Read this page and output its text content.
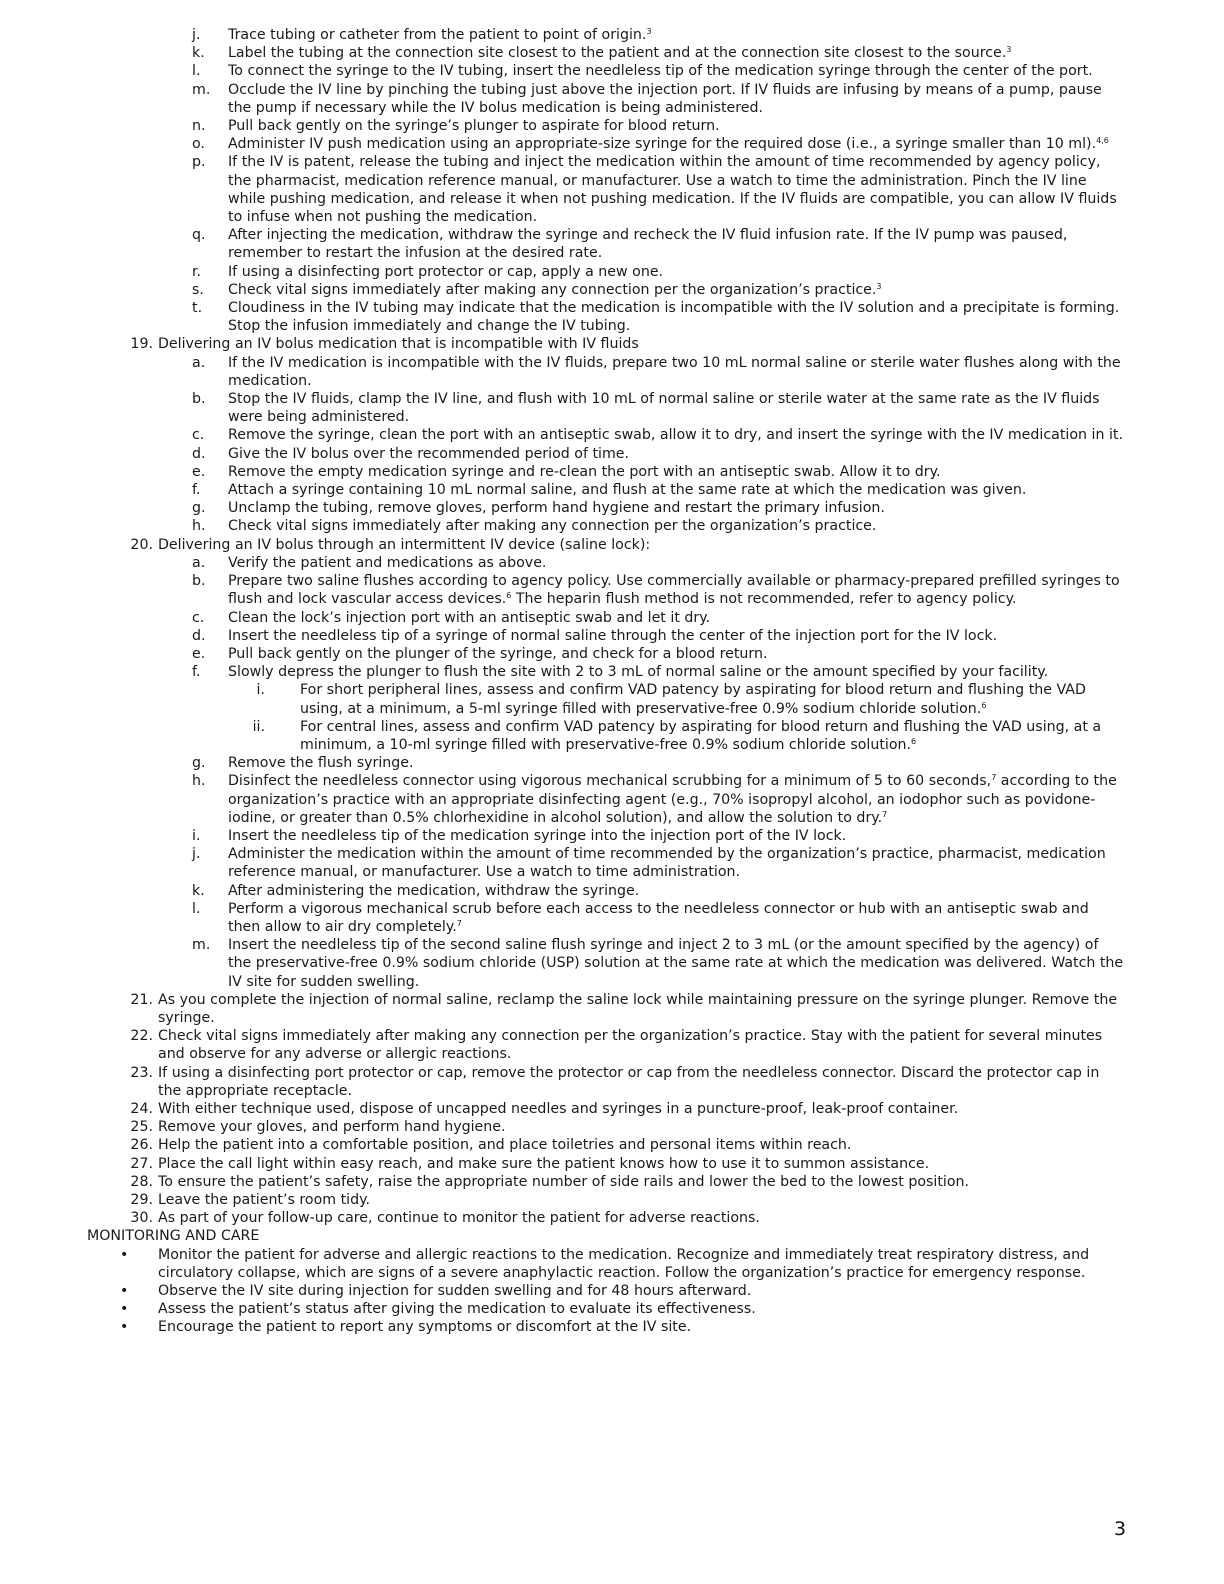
j.	Trace tubing or catheter from the patient to point of origin.$^3$
k.	Label the tubing at the connection site closest to the patient and at the connection site closest to the source.$^3$
l.	To connect the syringe to the IV tubing, insert the needleless tip of the medication syringe through the center of the port.
m.	Occlude the IV line by pinching the tubing just above the injection port. If IV fluids are infusing by means of a pump, pause the pump if necessary while the IV bolus medication is being administered.
n.	Pull back gently on the syringe’s plunger to aspirate for blood return.
o.	Administer IV push medication using an appropriate-size syringe for the required dose (i.e., a syringe smaller than 10 ml).$^{4,6}$
p.	If the IV is patent, release the tubing and inject the medication within the amount of time recommended by agency policy, the pharmacist, medication reference manual, or manufacturer. Use a watch to time the administration. Pinch the IV line while pushing medication, and release it when not pushing medication. If the IV fluids are compatible, you can allow IV fluids to infuse when not pushing the medication.
q.	After injecting the medication, withdraw the syringe and recheck the IV fluid infusion rate. If the IV pump was paused, remember to restart the infusion at the desired rate.
r.	If using a disinfecting port protector or cap, apply a new one.
s.	Check vital signs immediately after making any connection per the organization’s practice.$^3$
t.	Cloudiness in the IV tubing may indicate that the medication is incompatible with the IV solution and a precipitate is forming. Stop the infusion immediately and change the IV tubing.
19. Delivering an IV bolus medication that is incompatible with IV fluids
a.	If the IV medication is incompatible with the IV fluids, prepare two 10 mL normal saline or sterile water flushes along with the medication.
b.	Stop the IV fluids, clamp the IV line, and flush with 10 mL of normal saline or sterile water at the same rate as the IV fluids were being administered.
c.	Remove the syringe, clean the port with an antiseptic swab, allow it to dry, and insert the syringe with the IV medication in it.
d.	Give the IV bolus over the recommended period of time.
e.	Remove the empty medication syringe and re-clean the port with an antiseptic swab. Allow it to dry.
f.	Attach a syringe containing 10 mL normal saline, and flush at the same rate at which the medication was given.
g.	Unclamp the tubing, remove gloves, perform hand hygiene and restart the primary infusion.
h.	Check vital signs immediately after making any connection per the organization’s practice.
20. Delivering an IV bolus through an intermittent IV device (saline lock):
a.	Verify the patient and medications as above.
b.	Prepare two saline flushes according to agency policy. Use commercially available or pharmacy-prepared prefilled syringes to flush and lock vascular access devices.$^6$ The heparin flush method is not recommended, refer to agency policy.
c.	Clean the lock’s injection port with an antiseptic swab and let it dry.
d.	Insert the needleless tip of a syringe of normal saline through the center of the injection port for the IV lock.
e.	Pull back gently on the plunger of the syringe, and check for a blood return.
f.	Slowly depress the plunger to flush the site with 2 to 3 mL of normal saline or the amount specified by your facility.
i.	For short peripheral lines, assess and confirm VAD patency by aspirating for blood return and flushing the VAD using, at a minimum, a 5-ml syringe filled with preservative-free 0.9% sodium chloride solution.$^6$
ii.	For central lines, assess and confirm VAD patency by aspirating for blood return and flushing the VAD using, at a minimum, a 10-ml syringe filled with preservative-free 0.9% sodium chloride solution.$^6$
g.	Remove the flush syringe.
h.	Disinfect the needleless connector using vigorous mechanical scrubbing for a minimum of 5 to 60 seconds,$^7$ according to the organization’s practice with an appropriate disinfecting agent (e.g., 70% isopropyl alcohol, an iodophor such as povidone-iodine, or greater than 0.5% chlorhexidine in alcohol solution), and allow the solution to dry.$^7$
i.	Insert the needleless tip of the medication syringe into the injection port of the IV lock.
j.	Administer the medication within the amount of time recommended by the organization’s practice, pharmacist, medication reference manual, or manufacturer. Use a watch to time administration.
k.	After administering the medication, withdraw the syringe.
l.	Perform a vigorous mechanical scrub before each access to the needleless connector or hub with an antiseptic swab and then allow to air dry completely.$^7$
m.	Insert the needleless tip of the second saline flush syringe and inject 2 to 3 mL (or the amount specified by the agency) of the preservative-free 0.9% sodium chloride (USP) solution at the same rate at which the medication was delivered. Watch the IV site for sudden swelling.
21. As you complete the injection of normal saline, reclamp the saline lock while maintaining pressure on the syringe plunger. Remove the syringe.
22. Check vital signs immediately after making any connection per the organization’s practice. Stay with the patient for several minutes and observe for any adverse or allergic reactions.
23. If using a disinfecting port protector or cap, remove the protector or cap from the needleless connector. Discard the protector cap in the appropriate receptacle.
24. With either technique used, dispose of uncapped needles and syringes in a puncture-proof, leak-proof container.
25. Remove your gloves, and perform hand hygiene.
26. Help the patient into a comfortable position, and place toiletries and personal items within reach.
27. Place the call light within easy reach, and make sure the patient knows how to use it to summon assistance.
28. To ensure the patient’s safety, raise the appropriate number of side rails and lower the bed to the lowest position.
29. Leave the patient’s room tidy.
30. As part of your follow-up care, continue to monitor the patient for adverse reactions.
MONITORING AND CARE
•	Monitor the patient for adverse and allergic reactions to the medication. Recognize and immediately treat respiratory distress, and circulatory collapse, which are signs of a severe anaphylactic reaction. Follow the organization’s practice for emergency response.
•	Observe the IV site during injection for sudden swelling and for 48 hours afterward.
•	Assess the patient’s status after giving the medication to evaluate its effectiveness.
•	Encourage the patient to report any symptoms or discomfort at the IV site.
3
